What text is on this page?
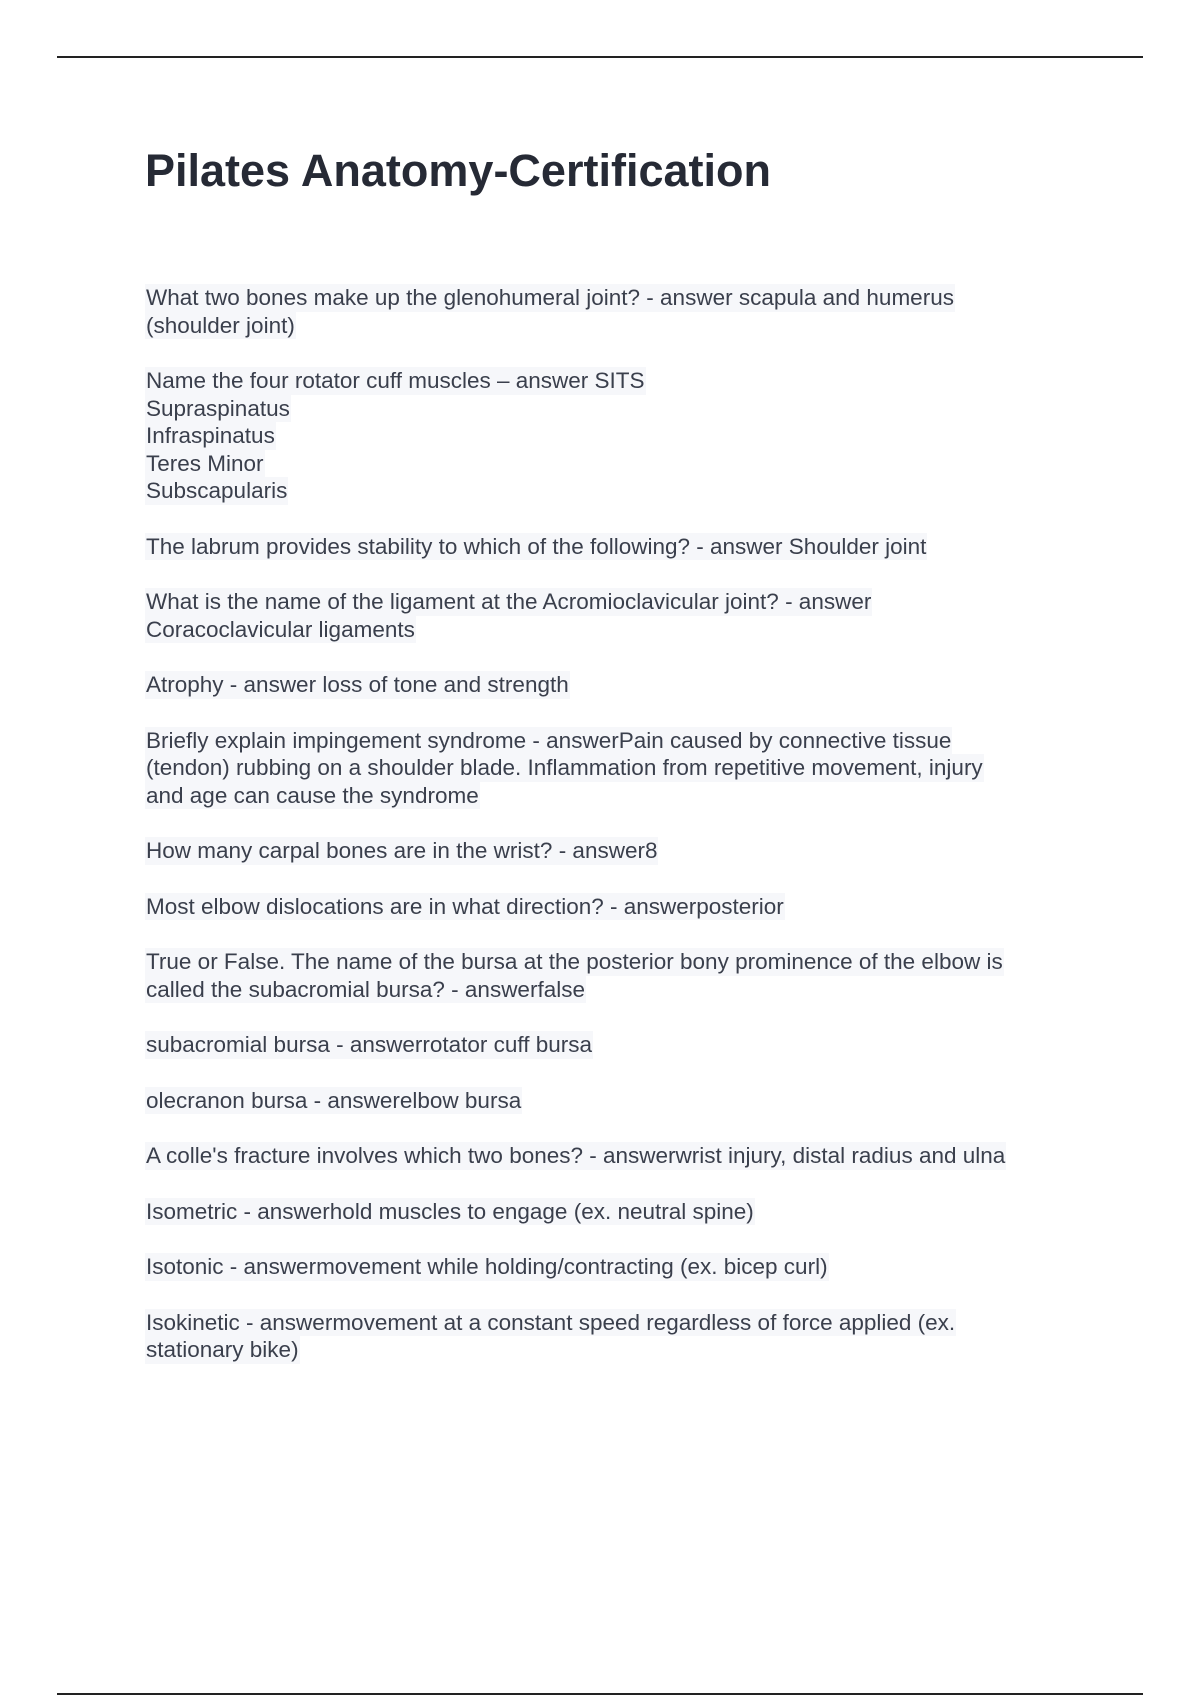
Pilates Anatomy-Certification
What two bones make up the glenohumeral joint? - answer scapula and humerus
(shoulder joint)
Name the four rotator cuff muscles – answer SITS
Supraspinatus
Infraspinatus
Teres Minor
Subscapularis
The labrum provides stability to which of the following? - answer Shoulder joint
What is the name of the ligament at the Acromioclavicular joint? - answer
Coracoclavicular ligaments
Atrophy - answer loss of tone and strength
Briefly explain impingement syndrome - answerPain caused by connective tissue
(tendon) rubbing on a shoulder blade. Inflammation from repetitive movement, injury
and age can cause the syndrome
How many carpal bones are in the wrist? - answer8
Most elbow dislocations are in what direction? - answerposterior
True or False. The name of the bursa at the posterior bony prominence of the elbow is
called the subacromial bursa? - answerfalse
subacromial bursa - answerrotator cuff bursa
olecranon bursa - answerelbow bursa
A colle's fracture involves which two bones? - answerwrist injury, distal radius and ulna
Isometric - answerhold muscles to engage (ex. neutral spine)
Isotonic - answermovement while holding/contracting (ex. bicep curl)
Isokinetic - answermovement at a constant speed regardless of force applied (ex.
stationary bike)
